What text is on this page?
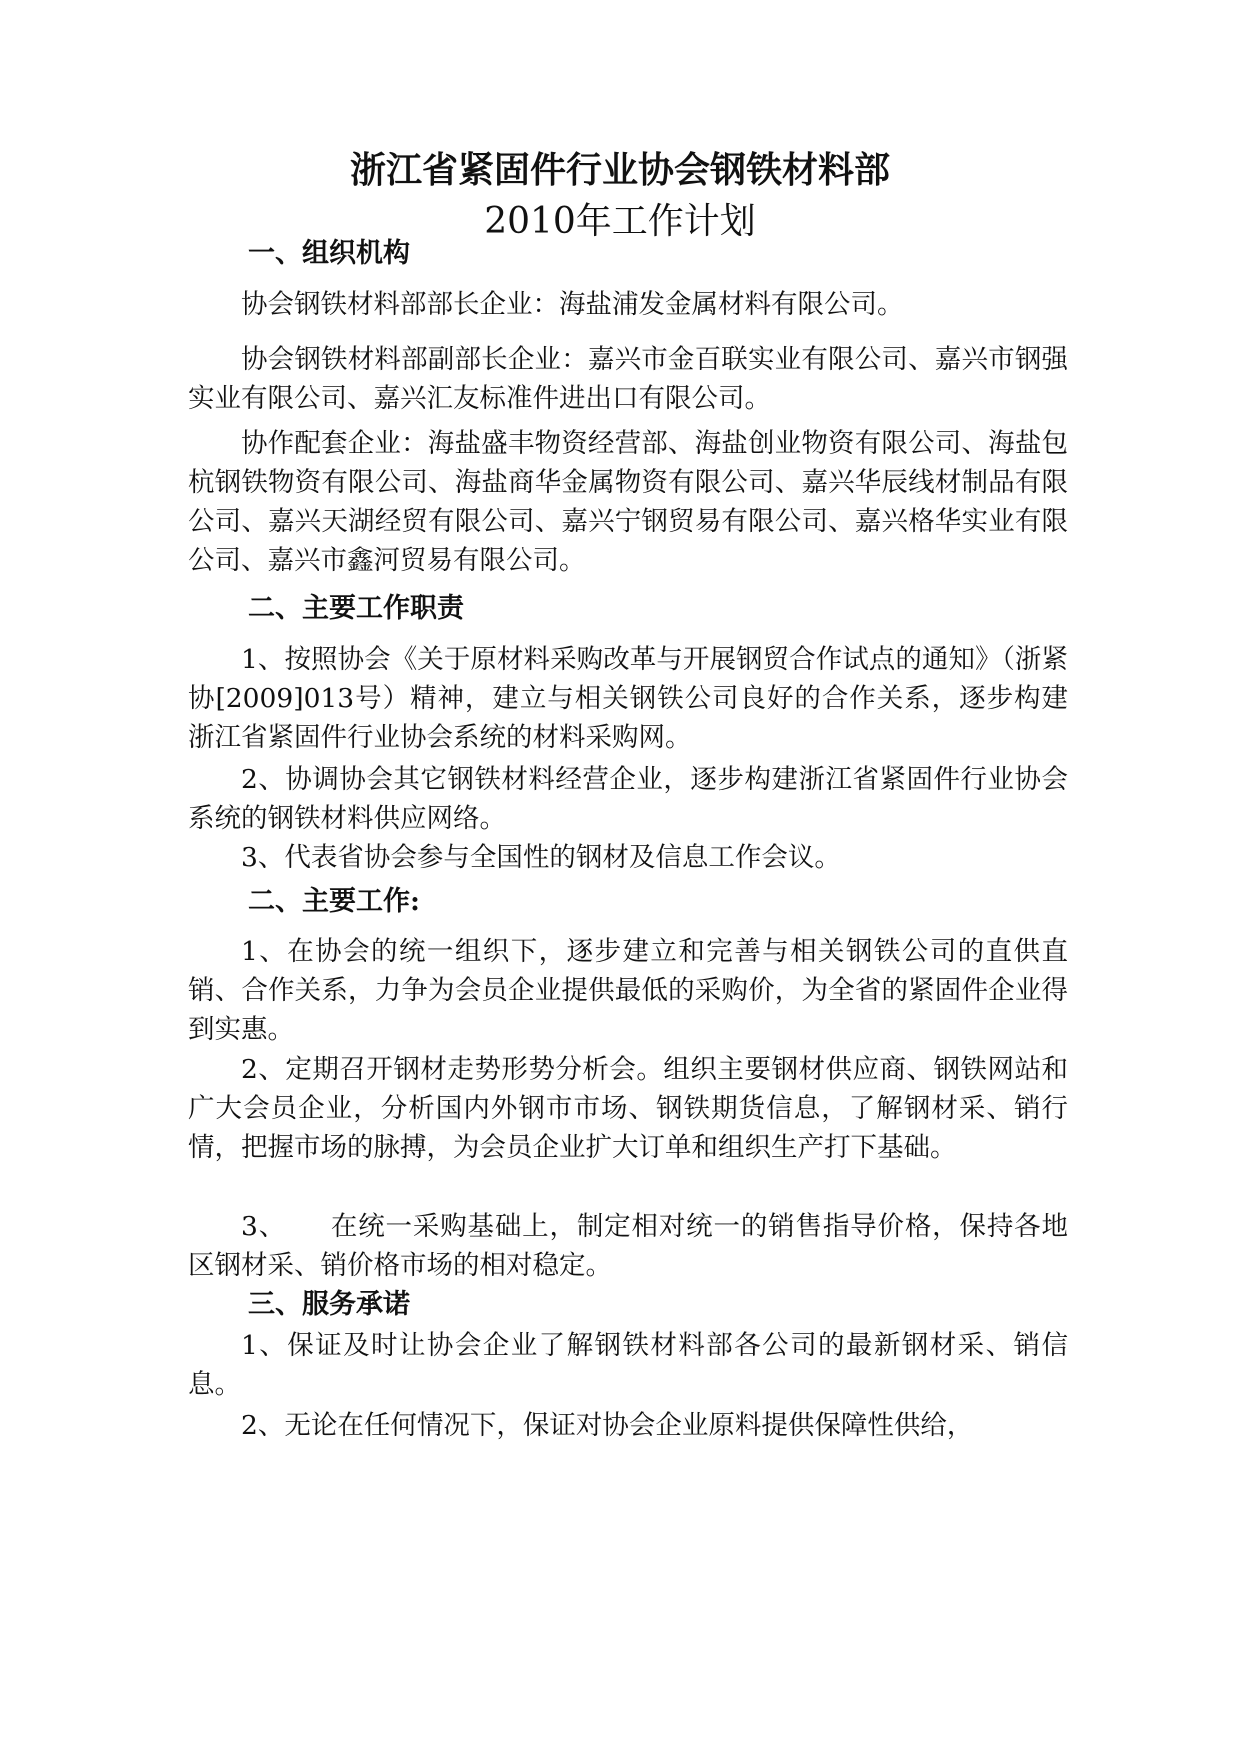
浙江省紧固件行业协会钢铁材料部
2010年工作计划
一、组织机构

协会钢铁材料部部长企业：海盐浦发金属材料有限公司。

协会钢铁材料部副部长企业：嘉兴市金百联实业有限公司、嘉兴市钢强实业有限公司、嘉兴汇友标准件进出口有限公司。

协作配套企业：海盐盛丰物资经营部、海盐创业物资有限公司、海盐包杭钢铁物资有限公司、海盐商华金属物资有限公司、嘉兴华辰线材制品有限公司、嘉兴天湖经贸有限公司、嘉兴宁钢贸易有限公司、嘉兴格华实业有限公司、嘉兴市鑫河贸易有限公司。

二、主要工作职责

1、按照协会《关于原材料采购改革与开展钢贸合作试点的通知》（浙紧协[2009]013号）精神，建立与相关钢铁公司良好的合作关系，逐步构建浙江省紧固件行业协会系统的材料采购网。

2、协调协会其它钢铁材料经营企业，逐步构建浙江省紧固件行业协会系统的钢铁材料供应网络。

3、代表省协会参与全国性的钢材及信息工作会议。

二、主要工作:

1、在协会的统一组织下，逐步建立和完善与相关钢铁公司的直供直销、合作关系，力争为会员企业提供最低的采购价，为全省的紧固件企业得到实惠。

2、定期召开钢材走势形势分析会。组织主要钢材供应商、钢铁网站和广大会员企业，分析国内外钢市市场、钢铁期货信息，了解钢材采、销行情，把握市场的脉搏，为会员企业扩大订单和组织生产打下基础。

3、 在统一采购基础上，制定相对统一的销售指导价格，保持各地区钢材采、销价格市场的相对稳定。

三、服务承诺

1、保证及时让协会企业了解钢铁材料部各公司的最新钢材采、销信息。

2、无论在任何情况下，保证对协会企业原料提供保障性供给，
